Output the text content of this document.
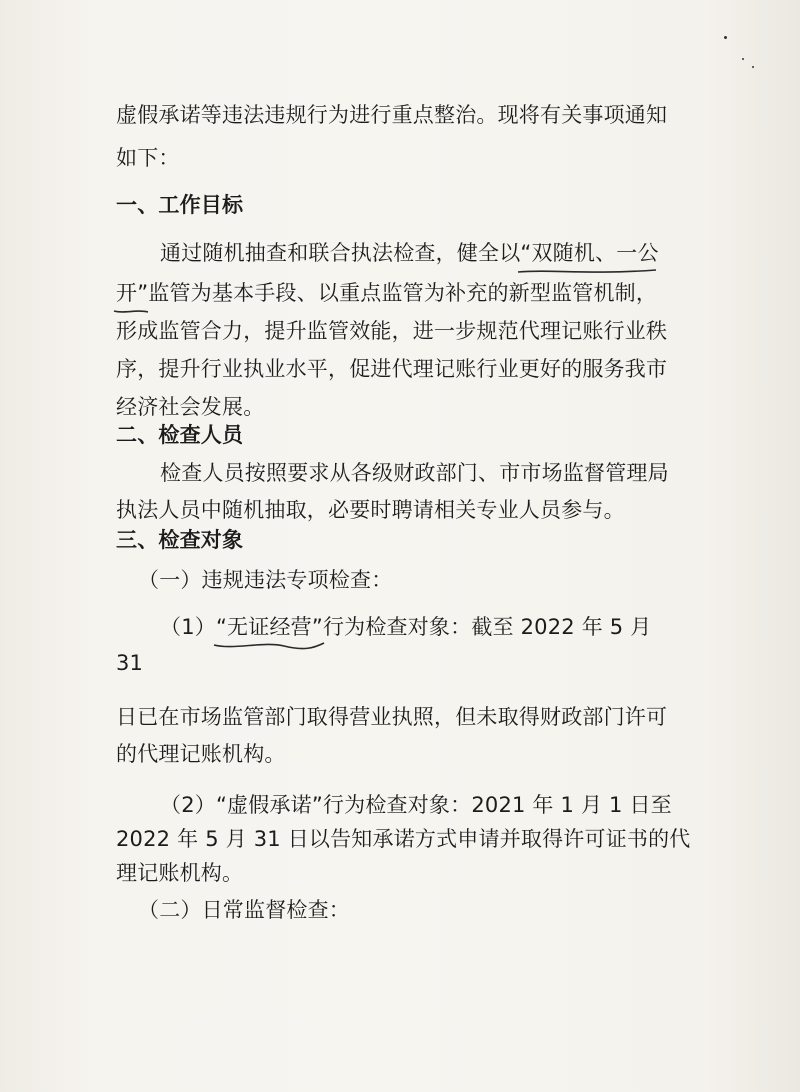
虚假承诺等违法违规行为进行重点整治。现将有关事项通知
如下：
一、工作目标
通过随机抽查和联合执法检查，健全以“双随机、一公
开”
监管为基本手段、以重点监管为补充的新型监管机制，
形成监管合力，提升监管效能，进一步规范代理记账行业秩
序，提升行业执业水平，促进代理记账行业更好的服务我市
经济社会发展。
二、检查人员
检查人员按照要求从各级财政部门、市市场监督管理局
执法人员中随机抽取，必要时聘请相关专业人员参与。
三、检查对象
（一）违规违法专项检查：
（1）“无证经营”
行为检查对象：截至 2022 年 5 月
31
日已在市场监管部门取得营业执照，但未取得财政部门许可
的代理记账机构。
（2）“虚假承诺”行为检查对象：2021 年 1 月 1 日至
2022 年 5 月 31 日以告知承诺方式申请并取得许可证书的代
理记账机构。
（二）日常监督检查：
